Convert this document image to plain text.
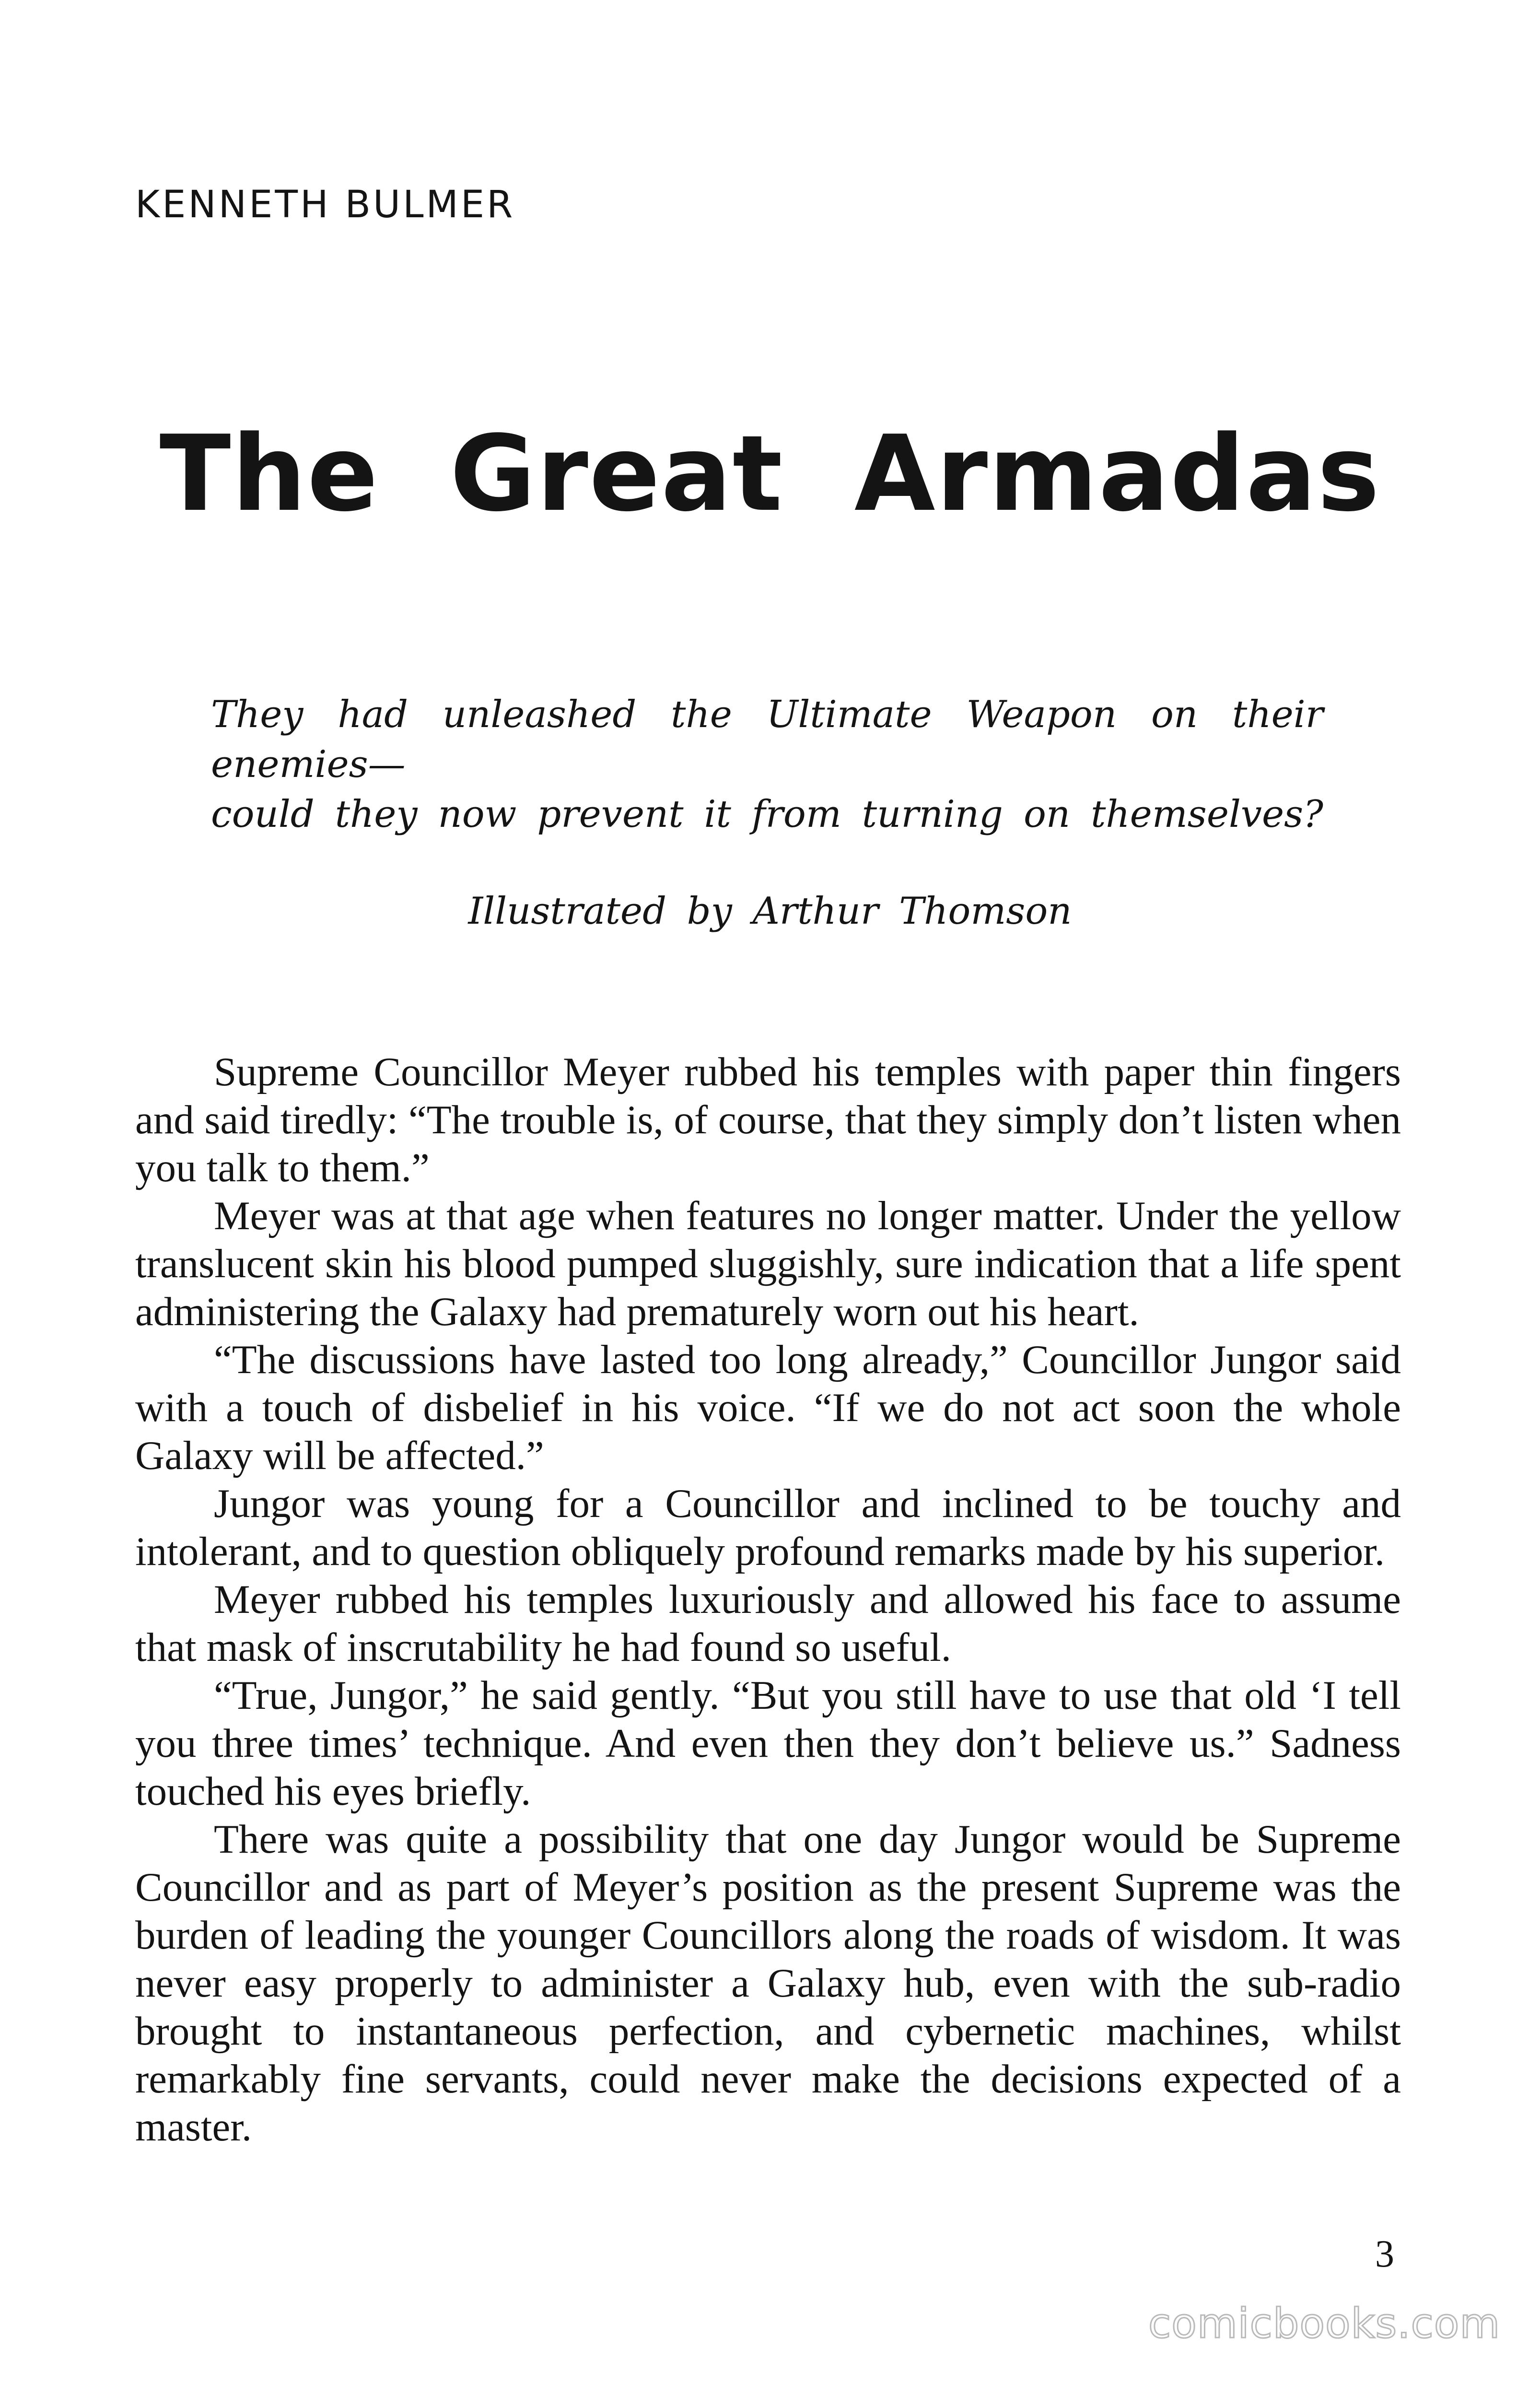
KENNETH BULMER
The Great Armadas
They had unleashed the Ultimate Weapon on their enemies—
could they now prevent it from turning on themselves?
Illustrated by Arthur Thomson

Supreme Councillor Meyer rubbed his temples with paper thin fingers and said tiredly: “The trouble is, of course, that they simply don’t listen when you talk to them.”

Meyer was at that age when features no longer matter. Under the yellow translucent skin his blood pumped sluggishly, sure indication that a life spent administering the Galaxy had prematurely worn out his heart.

“The discussions have lasted too long already,” Councillor Jungor said with a touch of disbelief in his voice. “If we do not act soon the whole Galaxy will be affected.”

Jungor was young for a Councillor and inclined to be touchy and intolerant, and to question obliquely profound remarks made by his superior.

Meyer rubbed his temples luxuriously and allowed his face to assume that mask of inscrutability he had found so useful.

“True, Jungor,” he said gently. “But you still have to use that old ‘I tell you three times’ technique. And even then they don’t believe us.” Sadness touched his eyes briefly.

There was quite a possibility that one day Jungor would be Supreme Councillor and as part of Meyer’s position as the present Supreme was the burden of leading the younger Councillors along the roads of wisdom. It was never easy properly to administer a Galaxy hub, even with the sub-radio brought to instantaneous perfection, and cybernetic machines, whilst remarkably fine servants, could never make the decisions expected of a master.

3
comicbooks.com
